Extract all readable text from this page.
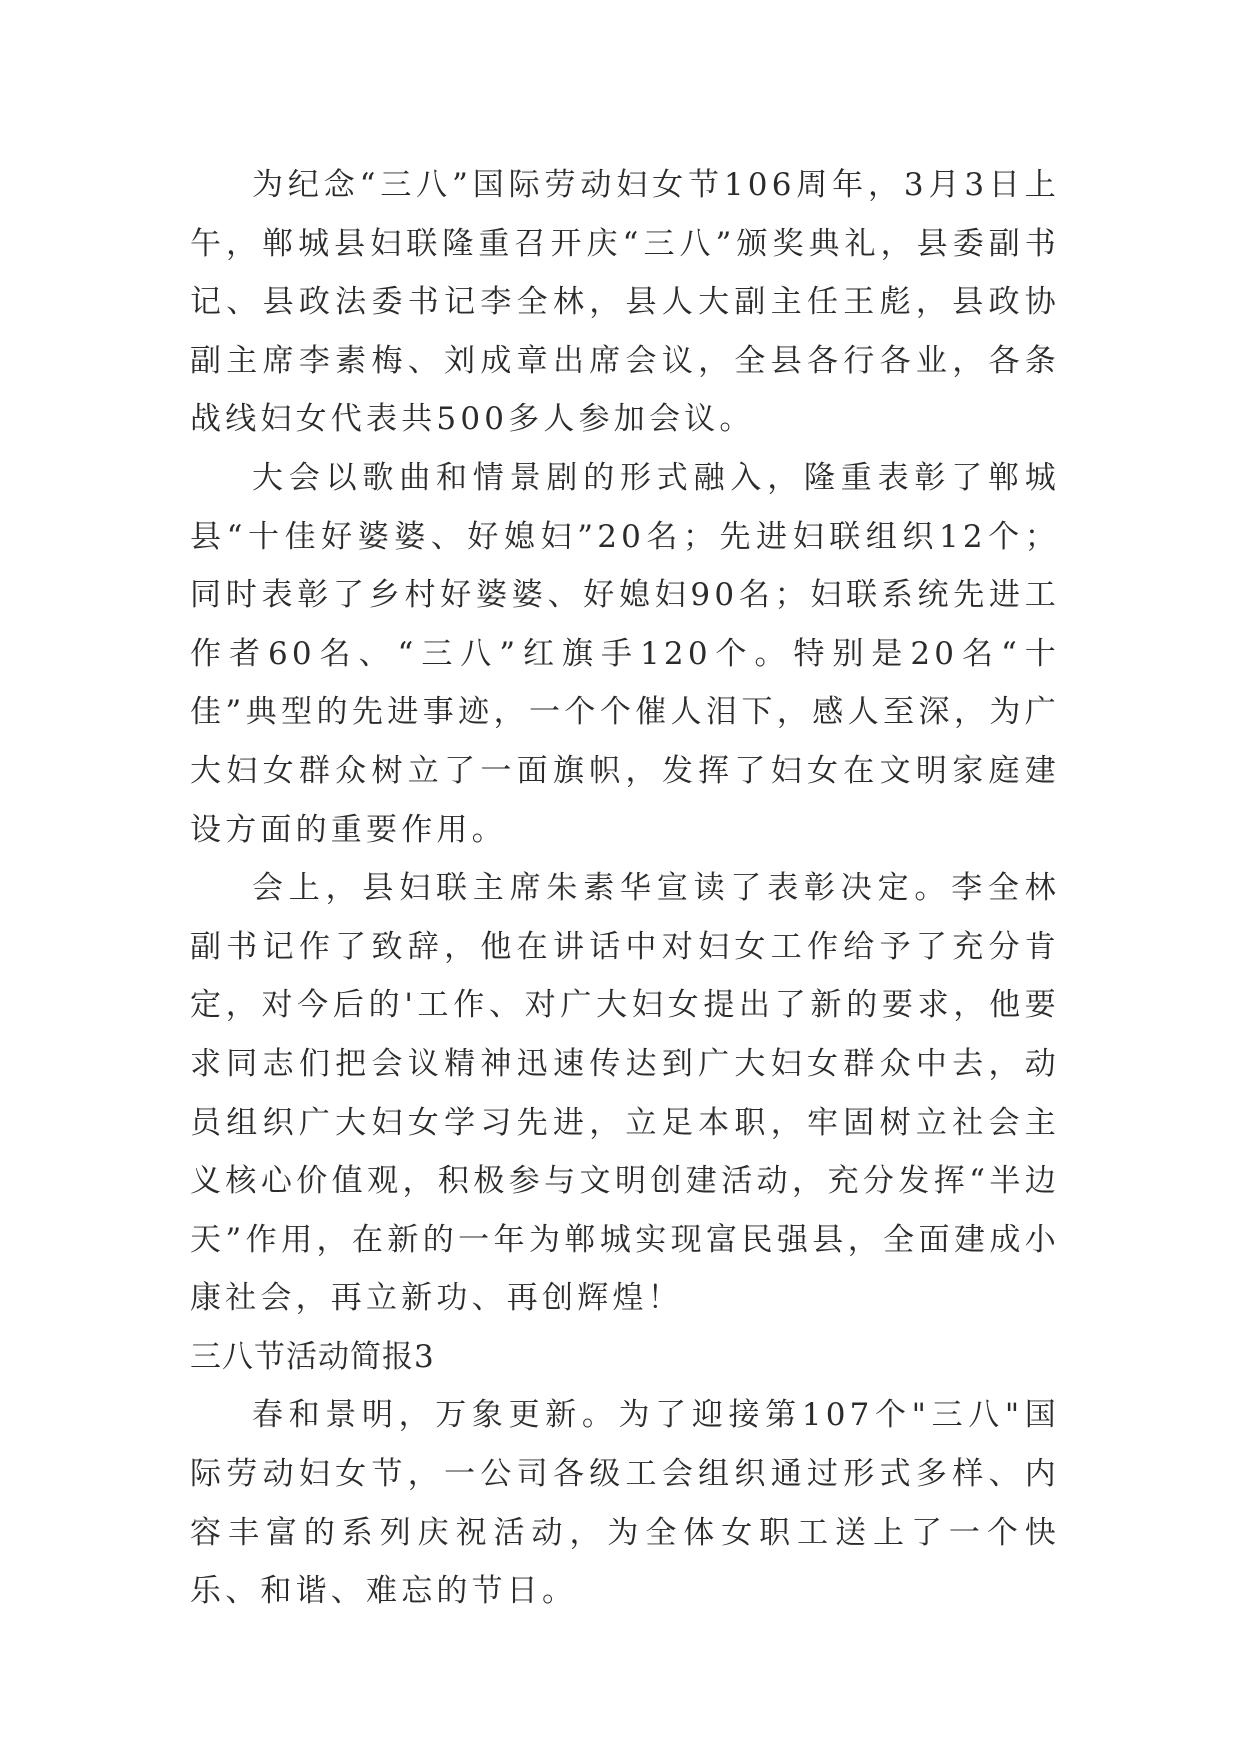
为纪念“三八”国际劳动妇女节106周年，3月3日上午，郸城县妇联隆重召开庆“三八”颁奖典礼，县委副书记、县政法委书记李全林，县人大副主任王彪，县政协副主席李素梅、刘成章出席会议，全县各行各业，各条战线妇女代表共500多人参加会议。

大会以歌曲和情景剧的形式融入，隆重表彰了郸城县“十佳好婆婆、好媳妇”20名；先进妇联组织12个；同时表彰了乡村好婆婆、好媳妇90名；妇联系统先进工作者60名、“三八”红旗手120个。特别是20名“十佳”典型的先进事迹，一个个催人泪下，感人至深，为广大妇女群众树立了一面旗帜，发挥了妇女在文明家庭建设方面的重要作用。

会上，县妇联主席朱素华宣读了表彰决定。李全林副书记作了致辞，他在讲话中对妇女工作给予了充分肯定，对今后的'工作、对广大妇女提出了新的要求，他要求同志们把会议精神迅速传达到广大妇女群众中去，动员组织广大妇女学习先进，立足本职，牢固树立社会主义核心价值观，积极参与文明创建活动，充分发挥“半边天”作用，在新的一年为郸城实现富民强县，全面建成小康社会，再立新功、再创辉煌！

三八节活动简报3

春和景明，万象更新。为了迎接第107个"三八"国际劳动妇女节，一公司各级工会组织通过形式多样、内容丰富的系列庆祝活动，为全体女职工送上了一个快乐、和谐、难忘的节日。
